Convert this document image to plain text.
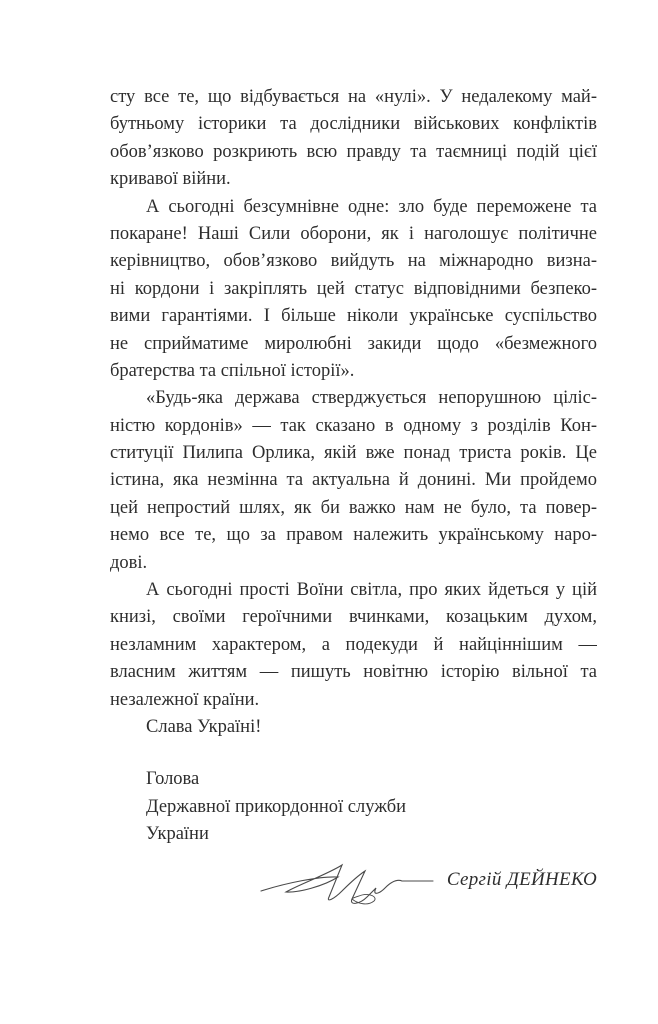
сту все те, що відбувається на «нулі». У недалекому май-
бутньому історики та дослідники військових конфліктів
обов’язково розкриють всю правду та таємниці подій цієї
кривавої війни.
А сьогодні безсумнівне одне: зло буде переможене та
покаране! Наші Сили оборони, як і наголошує політичне
керівництво, обов’язково вийдуть на міжнародно визна-
ні кордони і закріплять цей статус відповідними безпеко-
вими гарантіями. І більше ніколи українське суспільство
не сприйматиме миролюбні закиди щодо «безмежного
братерства та спільної історії».
«Будь-яка держава стверджується непорушною ціліс-
ністю кордонів» — так сказано в одному з розділів Кон-
ституції Пилипа Орлика, якій вже понад триста років. Це
істина, яка незмінна та актуальна й донині. Ми пройдемо
цей непростий шлях, як би важко нам не було, та повер-
немо все те, що за правом належить українському наро-
дові.
А сьогодні прості Воїни світла, про яких йдеться у цій
книзі, своїми героїчними вчинками, козацьким духом,
незламним характером, а подекуди й найціннішим —
власним життям — пишуть новітню історію вільної та
незалежної країни.
Слава Україні!
Голова
Державної прикордонної служби
України
Сергій ДЕЙНЕКО
